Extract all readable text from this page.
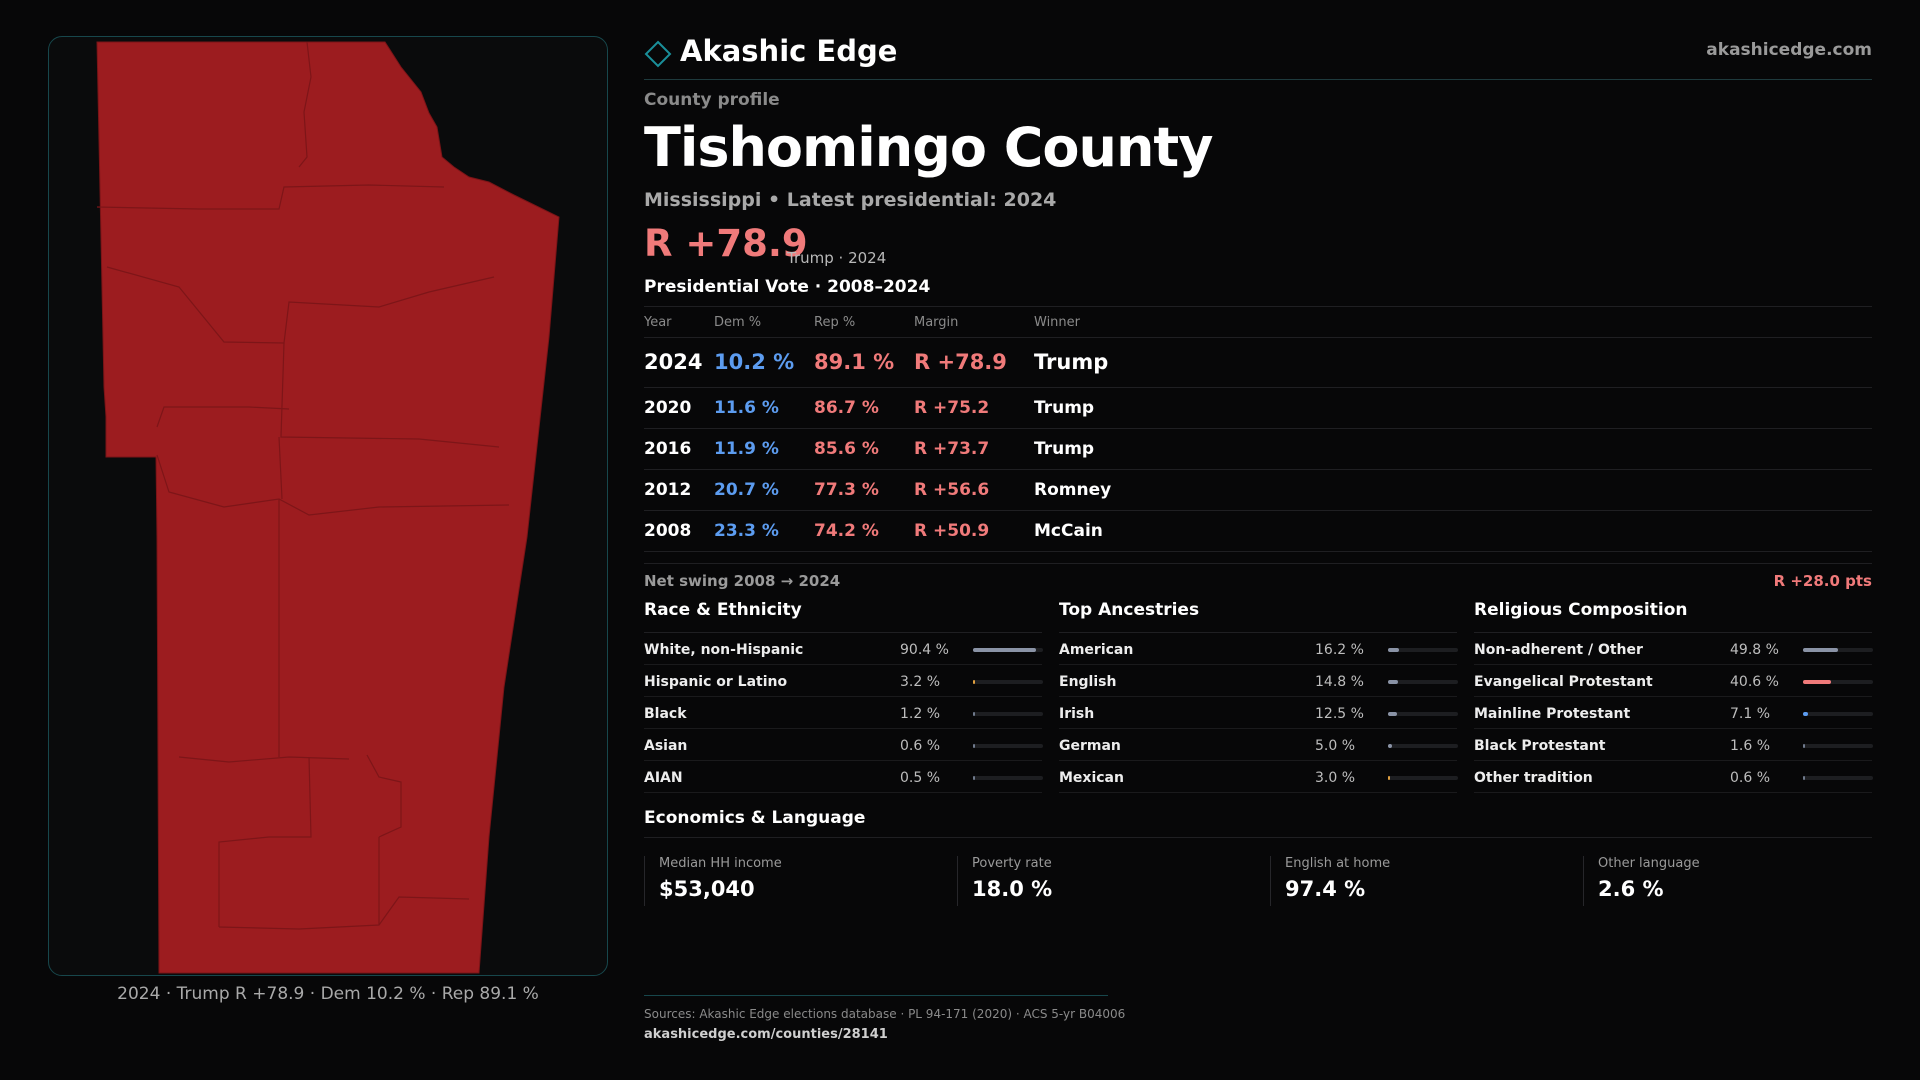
2024 · Trump R +78.9 · Dem 10.2 % · Rep 89.1 %
Akashic Edge	akashicedge.com
County profile
Tishomingo County
Mississippi • Latest presidential: 2024
R +78.9
Trump · 2024
Presidential Vote · 2008–2024
Year	Dem %	Rep %	Margin	Winner
2024 10.2 % 89.1 % R +78.9 Trump
2020 11.6 % 86.7 % R +75.2	Trump
2016 11.9 % 85.6 % R +73.7	Trump
2012 20.7 % 77.3 % R +56.6	Romney
2008 23.3 % 74.2 % R +50.9	McCain
Net swing 2008 → 2024	R +28.0 pts
Race & Ethnicity
White, non-Hispanic	90.4 %
Hispanic or Latino	3.2 %
Black	1.2 %
Asian	0.6 %
AIAN	0.5 %
Top Ancestries
American	16.2 %
English	14.8 %
Irish	12.5 %
German	5.0 %
Mexican	3.0 %
Religious Composition
Non-adherent / Other	49.8 %
Evangelical Protestant	40.6 %
Mainline Protestant	7.1 %
Black Protestant	1.6 %
Other tradition	0.6 %
Economics & Language
Median HH income
$53,040
Poverty rate
18.0 %
English at home
97.4 %
Other language
2.6 %
Sources: Akashic Edge elections database · PL 94-171 (2020) · ACS 5-yr B04006
akashicedge.com/counties/28141
